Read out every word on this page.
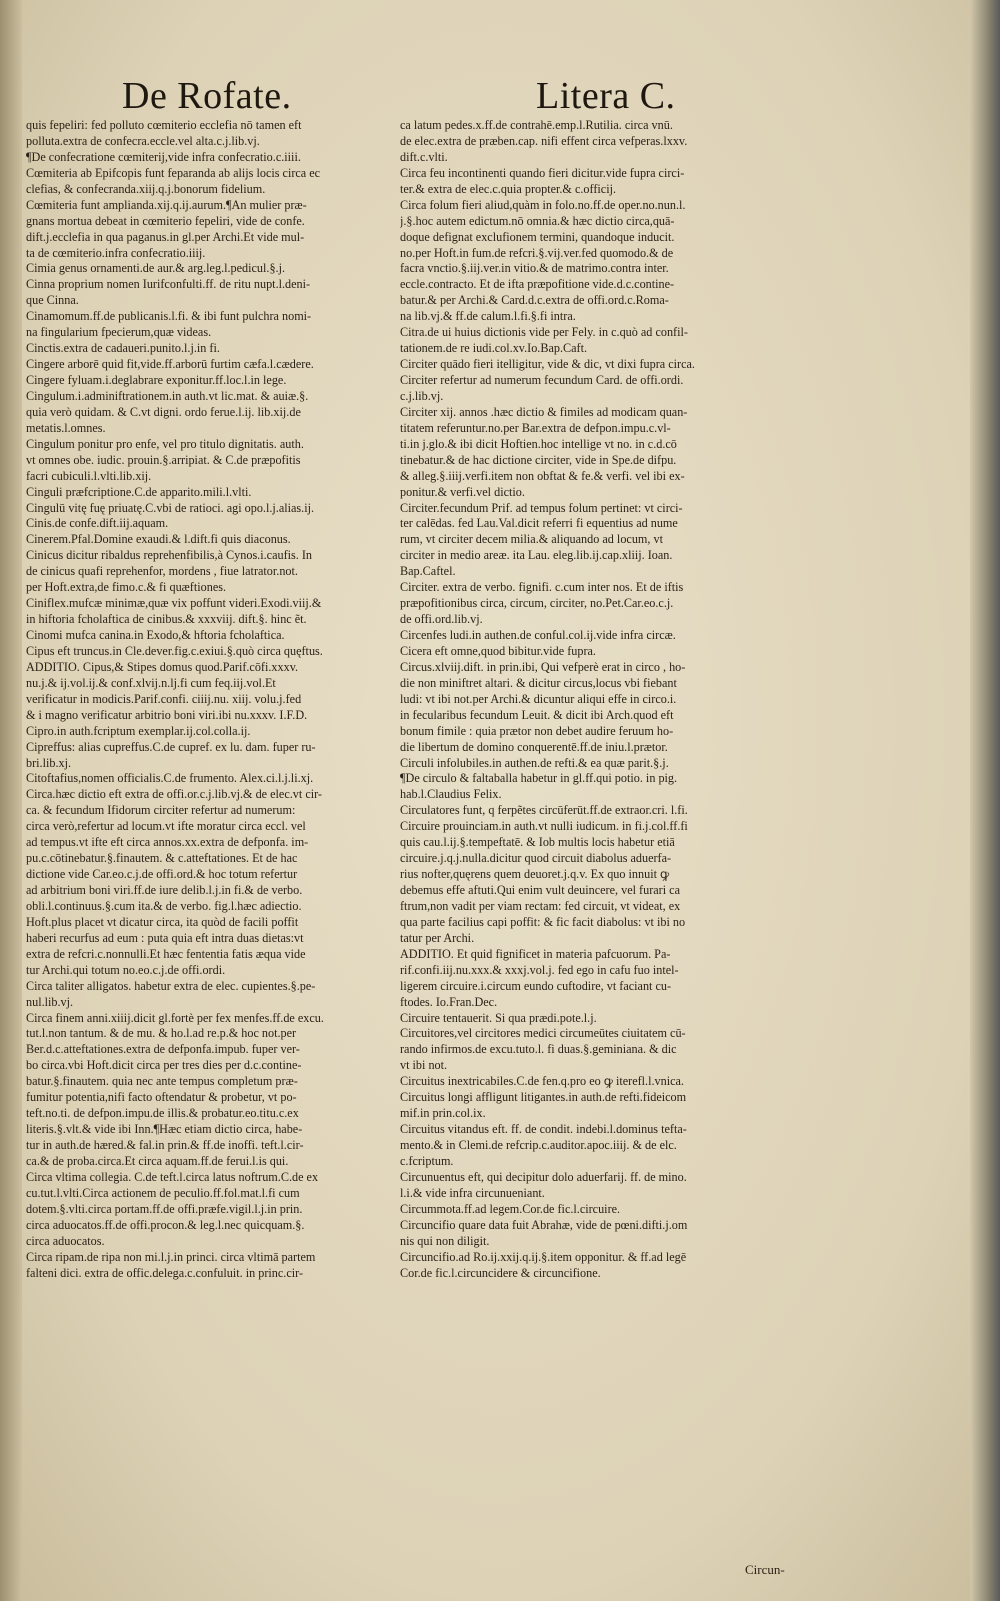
De Rofate.	Litera C.
quis fepeliri: fed polluto cœmiterio ecclefia nō tamen eft
polluta.extra de confecra.eccle.vel alta.c.j.lib.vj.
¶De confecratione cœmiterij,vide infra confecratio.c.iiii.
Cœmiteria ab Epifcopis funt feparanda ab alijs locis circa ec
clefias, & confecranda.xiij.q.j.bonorum fidelium.
Cœmiteria funt amplianda.xij.q.ij.aurum.¶An mulier præ-
gnans mortua debeat in cœmiterio fepeliri, vide de confe.
dift.j.ecclefia in qua paganus.in gl.per Archi.Et vide mul-
ta de cœmiterio.infra confecratio.iiij.
Cimia genus ornamenti.de aur.& arg.leg.l.pedicul.§.j.
Cinna proprium nomen Iurifconfulti.ff. de ritu nupt.l.deni-
que Cinna.
Cinamomum.ff.de publicanis.l.fi. & ibi funt pulchra nomi-
na fingularium fpecierum,quæ videas.
Cinctis.extra de cadaueri.punito.l.j.in fi.
Cingere arborē quid fit,vide.ff.arborū furtim cæfa.l.cædere.
Cingere fyluam.i.deglabrare exponitur.ff.loc.l.in lege.
Cingulum.i.adminiftrationem.in auth.vt lic.mat. & auiæ.§.
quia verò quidam. & C.vt digni. ordo ferue.l.ij. lib.xij.de
metatis.l.omnes.
Cingulum ponitur pro enfe, vel pro titulo dignitatis. auth.
vt omnes obe. iudic. prouin.§.arripiat. & C.de præpofitis
facri cubiculi.l.vlti.lib.xij.
Cinguli præfcriptione.C.de apparito.mili.l.vlti.
Cingulū vitę fuę priuatę.C.vbi de ratioci. agi opo.l.j.alias.ij.
Cinis.de confe.dift.iij.aquam.
Cinerem.Pfal.Domine exaudi.& l.dift.fi quis diaconus.
Cinicus dicitur ribaldus reprehenfibilis,à Cynos.i.caufis. In
de cinicus quafi reprehenfor, mordens , fiue latrator.not.
per Hoft.extra,de fimo.c.& fi quæftiones.
Ciniflex.mufcæ minimæ,quæ vix poffunt videri.Exodi.viij.&
in hiftoria fcholaftica de cinibus.& xxxviij. dift.§. hinc ẽt.
Cinomi mufca canina.in Exodo,& hftoria fcholaftica.
Cipus eft truncus.in Cle.dever.fig.c.exiui.§.quò circa quęftus.
ADDITIO. Cipus,& Stipes domus quod.Parif.cōfi.xxxv.
nu.j.& ij.vol.ij.& conf.xlvij.n.lj.fi cum feq.iij.vol.Et
verificatur in modicis.Parif.confi. ciiij.nu. xiij. volu.j.fed
& i magno verificatur arbitrio boni viri.ibi nu.xxxv. I.F.D.
Cipro.in auth.fcriptum exemplar.ij.col.colla.ij.
Cipreffus: alias cupreffus.C.de cupref. ex lu. dam. fuper ru-
bri.lib.xj.
Citoftafius,nomen officialis.C.de frumento. Alex.ci.l.j.li.xj.
Circa.hæc dictio eft extra de offi.or.c.j.lib.vj.& de elec.vt cir-
ca. & fecundum Ifidorum circiter refertur ad numerum:
circa verò,refertur ad locum.vt ifte moratur circa eccl. vel
ad tempus.vt ifte eft circa annos.xx.extra de defponfa. im-
pu.c.cōtinebatur.§.finautem. & c.atteftationes. Et de hac
dictione vide Car.eo.c.j.de offi.ord.& hoc totum refertur
ad arbitrium boni viri.ff.de iure delib.l.j.in fi.& de verbo.
obli.l.continuus.§.cum ita.& de verbo. fig.l.hæc adiectio.
Hoft.plus placet vt dicatur circa, ita quòd de facili poffit
haberi recurfus ad eum : puta quia eft intra duas dietas:vt
extra de refcri.c.nonnulli.Et hæc fententia fatis æqua vide
tur Archi.qui totum no.eo.c.j.de offi.ordi.
Circa taliter alligatos. habetur extra de elec. cupientes.§.pe-
nul.lib.vj.
Circa finem anni.xiiij.dicit gl.fortè per fex menfes.ff.de excu.
tut.l.non tantum. & de mu. & ho.l.ad re.p.& hoc not.per
Ber.d.c.atteftationes.extra de defponfa.impub. fuper ver-
bo circa.vbi Hoft.dicit circa per tres dies per d.c.contine-
batur.§.finautem. quia nec ante tempus completum præ-
fumitur potentia,nifi facto oftendatur & probetur, vt po-
teft.no.ti. de defpon.impu.de illis.& probatur.eo.titu.c.ex
literis.§.vlt.& vide ibi Inn.¶Hæc etiam dictio circa, habe-
tur in auth.de hæred.& fal.in prin.& ff.de inoffi. teft.l.cir-
ca.& de proba.circa.Et circa aquam.ff.de ferui.l.is qui.
Circa vltima collegia. C.de teft.l.circa latus noftrum.C.de ex
cu.tut.l.vlti.Circa actionem de peculio.ff.fol.mat.l.fi cum
dotem.§.vlti.circa portam.ff.de offi.præfe.vigil.l.j.in prin.
circa aduocatos.ff.de offi.procon.& leg.l.nec quicquam.§.
circa aduocatos.
Circa ripam.de ripa non mi.l.j.in princi. circa vltimā partem
falteni dici. extra de offic.delega.c.confuluit. in princ.cir-
ca latum pedes.x.ff.de contrahē.emp.l.Rutilia. circa vnū.
de elec.extra de præben.cap. nifi effent circa vefperas.lxxv.
dift.c.vlti.
Circa feu incontinenti quando fieri dicitur.vide fupra circi-
ter.& extra de elec.c.quia propter.& c.officij.
Circa folum fieri aliud,quàm in folo.no.ff.de oper.no.nun.l.
j.§.hoc autem edictum.nō omnia.& hæc dictio circa,quā-
doque defignat exclufionem termini, quandoque inducit.
no.per Hoft.in fum.de refcri.§.vij.ver.fed quomodo.& de
facra vnctio.§.iij.ver.in vitio.& de matrimo.contra inter.
eccle.contracto. Et de ifta præpofitione vide.d.c.contine-
batur.& per Archi.& Card.d.c.extra de offi.ord.c.Roma-
na lib.vj.& ff.de calum.l.fi.§.fi intra.
Citra.de ui huius dictionis vide per Fely. in c.quò ad confil-
tationem.de re iudi.col.xv.Io.Bap.Caft.
Circiter quādo fieri itelligitur, vide & dic, vt dixi fupra circa.
Circiter refertur ad numerum fecundum Card. de offi.ordi.
c.j.lib.vj.
Circiter xij. annos .hæc dictio & fimiles ad modicam quan-
titatem referuntur.no.per Bar.extra de defpon.impu.c.vl-
ti.in j.glo.& ibi dicit Hoftien.hoc intellige vt no. in c.d.cō
tinebatur.& de hac dictione circiter, vide in Spe.de difpu.
& alleg.§.iiij.verfi.item non obftat & fe.& verfi. vel ibi ex-
ponitur.& verfi.vel dictio.
Circiter.fecundum Prif. ad tempus folum pertinet: vt circi-
ter calēdas. fed Lau.Val.dicit referri fi equentius ad nume
rum, vt circiter decem milia.& aliquando ad locum, vt
circiter in medio areæ. ita Lau. eleg.lib.ij.cap.xliij. Ioan.
Bap.Caftel.
Circiter. extra de verbo. fignifi. c.cum inter nos. Et de iftis
præpofitionibus circa, circum, circiter, no.Pet.Car.eo.c.j.
de offi.ord.lib.vj.
Circenfes ludi.in authen.de conful.col.ij.vide infra circæ.
Cicera eft omne,quod bibitur.vide fupra.
Circus.xlviij.dift. in prin.ibi, Qui vefperè erat in circo , ho-
die non miniftret altari. & dicitur circus,locus vbi fiebant
ludi: vt ibi not.per Archi.& dicuntur aliqui effe in circo.i.
in fecularibus fecundum Leuit. & dicit ibi Arch.quod eft
bonum fimile : quia prætor non debet audire feruum ho-
die libertum de domino conquerentē.ff.de iniu.l.prætor.
Circuli infolubiles.in authen.de refti.& ea quæ parit.§.j.
¶De circulo & faltaballa habetur in gl.ff.qui potio. in pig.
hab.l.Claudius Felix.
Circulatores funt, q ferpẽtes circūferūt.ff.de extraor.cri. l.fi.
Circuire prouinciam.in auth.vt nulli iudicum. in fi.j.col.ff.fi
quis cau.l.ij.§.tempeftatē. & Iob multis locis habetur etiā
circuire.j.q.j.nulla.dicitur quod circuit diabolus aduerfa-
rius nofter,quęrens quem deuoret.j.q.v. Ex quo innuit ꝙ
debemus effe aftuti.Qui enim vult deuincere, vel furari ca
ftrum,non vadit per viam rectam: fed circuit, vt videat, ex
qua parte facilius capi poffit: & fic facit diabolus: vt ibi no
tatur per Archi.
ADDITIO. Et quid fignificet in materia pafcuorum. Pa-
rif.confi.iij.nu.xxx.& xxxj.vol.j. fed ego in cafu fuo intel-
ligerem circuire.i.circum eundo cuftodire, vt faciant cu-
ftodes. Io.Fran.Dec.
Circuire tentauerit. Si qua prædi.pote.l.j.
Circuitores,vel circitores medici circumeūtes ciuitatem cū-
rando infirmos.de excu.tuto.l. fi duas.§.geminiana. & dic
vt ibi not.
Circuitus inextricabiles.C.de fen.q.pro eo ꝙ iterefl.l.vnica.
Circuitus longi affligunt litigantes.in auth.de refti.fideicom
mif.in prin.col.ix.
Circuitus vitandus eft. ff. de condit. indebi.l.dominus tefta-
mento.& in Clemi.de refcrip.c.auditor.apoc.iiij. & de elc.
c.fcriptum.
Circunuentus eft, qui decipitur dolo aduerfarij. ff. de mino.
l.i.& vide infra circunueniant.
Circummota.ff.ad legem.Cor.de fic.l.circuire.
Circuncifio quare data fuit Abrahæ, vide de pœni.difti.j.om
nis qui non diligit.
Circuncifio.ad Ro.ij.xxij.q.ij.§.item opponitur. & ff.ad legē
Cor.de fic.l.circuncidere & circuncifione.
Circun-
